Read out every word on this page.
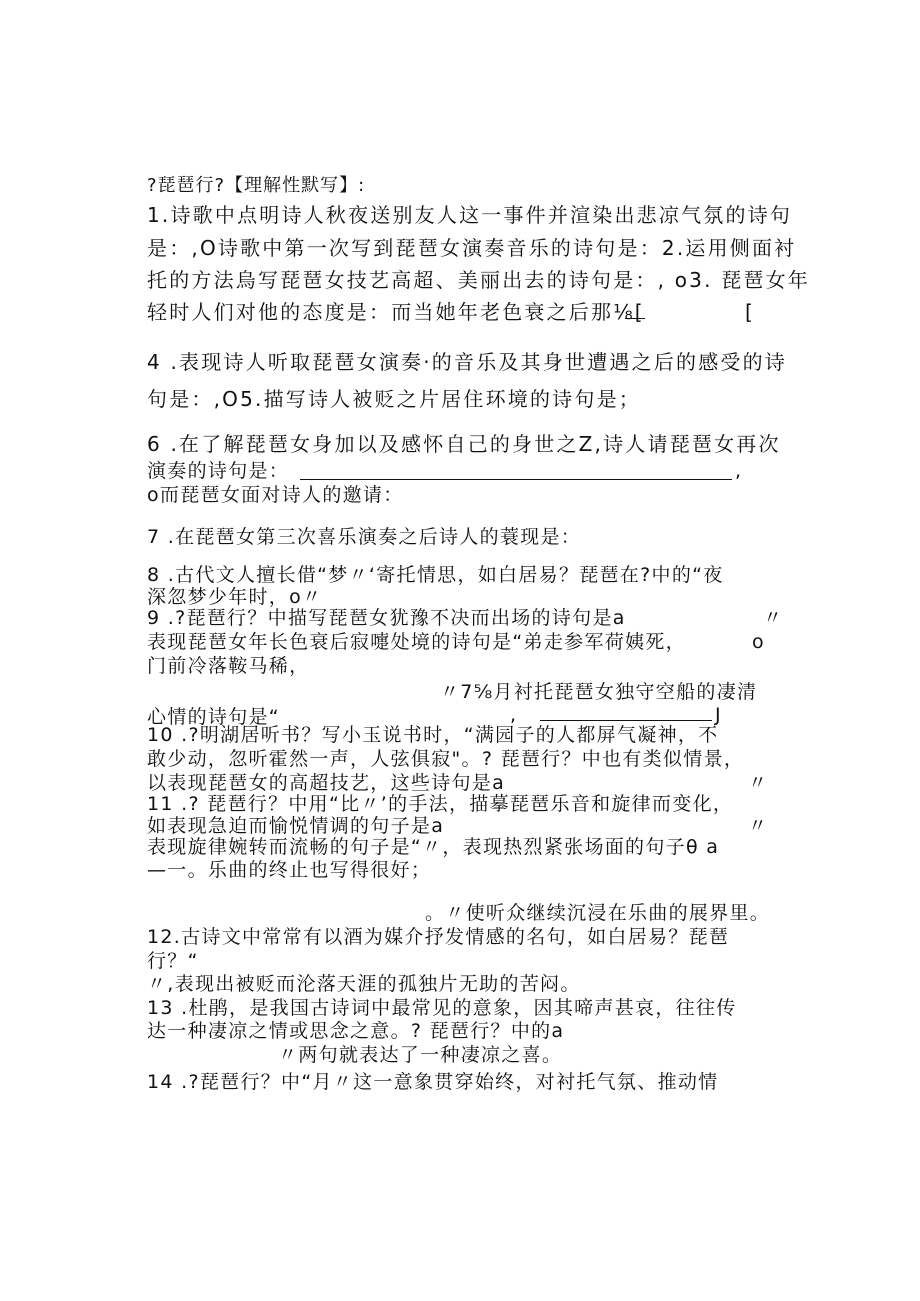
?琵琶行?【理解性默写】:
1.诗歌中点明诗人秋夜送别友人这一事件并渲染出悲凉气氛的诗句
是：,O诗歌中第一次写到琵琶女演奏音乐的诗句是：2.运用侧面衬
托的方法烏写琵琶女技艺高超、美丽出去的诗句是：, o3. 琵琶女年
轻时人们对他的态度是：而当她年老色衰之后那⅛[	[
4 .表现诗人听取琵琶女演奏·的音乐及其身世遭遇之后的感受的诗
句是：,O5.描写诗人被贬之片居住环境的诗句是；
6 .在了解琵琶女身加以及感怀自己的身世之Z,诗人请琵琶女再次
演奏的诗句是：	,
o而琵琶女面对诗人的邀请：
7 .在琵琶女第三次喜乐演奏之后诗人的蓑现是：
8 .古代文人擅长借“梦〃‘寄托情思，如白居易？琵琶在?中的“夜
深忽梦少年时，o〃
9 .?琵琶行？中描写琵琶女犹豫不决而出场的诗句是a	〃
表现琵琶女年长色衰后寂嚏处境的诗句是“弟走参军荷姨死，	o
门前冷落鞍马稀，
〃7⅝月衬托琵琶女独守空船的凄清
心情的诗句是“	,	J
10 .?明湖居听书？写小玉说书时，“满园子的人都屏气凝神，不
敢少动，忽听霍然一声，人弦俱寂"。? 琵琶行？中也有类似情景，
以表现琵琶女的高超技艺，这些诗句是a	〃
11 .? 琵琶行？中用“比〃’的手法，描摹琵琶乐音和旋律而变化，
如表现急迫而愉悦情调的句子是a	〃
表现旋律婉转而流畅的句子是“〃，表现热烈紧张场面的句子θ a
—一。乐曲的终止也写得很好；
。〃使听众继续沉浸在乐曲的展界里。
12.古诗文中常常有以酒为媒介抒发情感的名句，如白居易？琵琶
行？“
〃,表现出被贬而沦落天涯的孤独片无助的苦闷。
13 .杜鹃，是我国古诗词中最常见的意象，因其啼声甚哀，往往传
达一种凄凉之情或思念之意。? 琵琶行？中的a
〃两句就表达了一种凄凉之喜。
14 .?琵琶行？中“月〃这一意象贯穿始终，对衬托气氛、推动情
